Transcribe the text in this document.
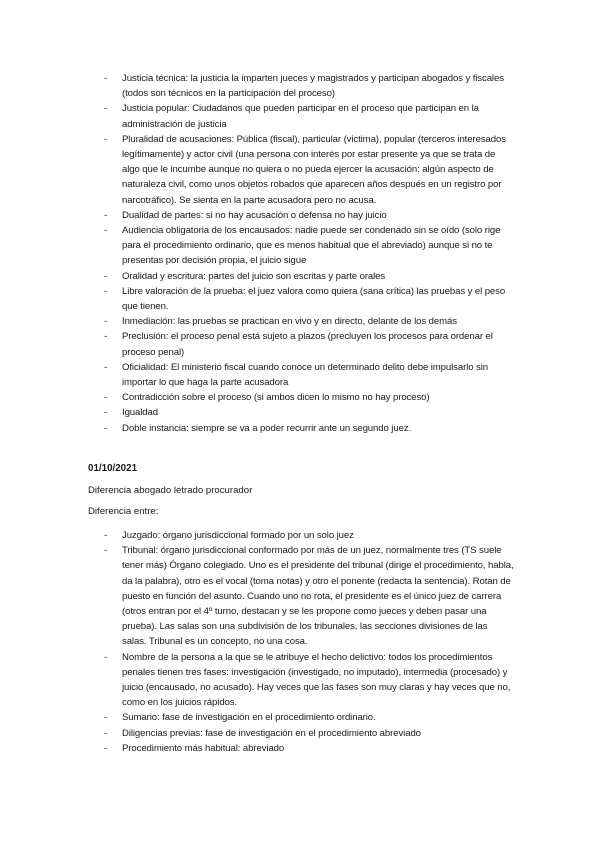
- Justicia técnica: la justicia la imparten jueces y magistrados y participan abogados y fiscales (todos son técnicos en la participación del proceso)
- Justicia popular: Ciudadanos que pueden participar en el proceso que participan en la administración de justicia
- Pluralidad de acusaciones: Pública (fiscal), particular (victima), popular (terceros interesados legítimamente) y actor civil (una persona con interés por estar presente ya que se trata de algo que le incumbe aunque no quiera o no pueda ejercer la acusación: algún aspecto de naturaleza civil, como unos objetos robados que aparecen años después en un registro por narcotráfico). Se sienta en la parte acusadora pero no acusa.
- Dualidad de partes: si no hay acusación o defensa no hay juicio
- Audiencia obligatoria de los encausados: nadie puede ser condenado sin se oído (solo rige para el procedimiento ordinario, que es menos habitual que el abreviado) aunque si no te presentas por decisión propia, el juicio sigue
- Oralidad y escritura: partes del juicio son escritas y parte orales
- Libre valoración de la prueba: el juez valora como quiera (sana crítica) las pruebas y el peso que tienen.
- Inmediación: las pruebas se practican en vivo y en directo, delante de los demás
- Preclusión: el proceso penal está sujeto a plazos (precluyen los procesos para ordenar el proceso penal)
- Oficialidad: El ministerio fiscal cuando conoce un determinado delito debe impulsarlo sin importar lo que haga la parte acusadora
- Contradicción sobre el proceso (si ambos dicen lo mismo no hay proceso)
- Igualdad
- Doble instancia: siempre se va a poder recurrir ante un segundo juez.
01/10/2021
Diferencia abogado letrado procurador
Diferencia entre:
- Juzgado: órgano jurisdiccional formado por un solo juez
- Tribunal: órgano jurisdiccional conformado por más de un juez, normalmente tres (TS suele tener más) Órgano colegiado. Uno es el presidente del tribunal (dirige el procedimiento, habla, da la palabra), otro es el vocal (toma notas) y otro el ponente (redacta la sentencia). Rotan de puesto en función del asunto. Cuando uno no rota, el presidente es el único juez de carrera (otros entran por el 4º turno, destacan y se les propone como jueces y deben pasar una prueba). Las salas son una subdivisión de los tribunales, las secciones divisiones de las salas. Tribunal es un concepto, no una cosa.
- Nombre de la persona a la que se le atribuye el hecho delictivo: todos los procedimientos penales tienen tres fases: investigación (investigado, no imputado), intermedia (procesado) y juicio (encausado, no acusado). Hay veces que las fases son muy claras y hay veces que no, como en los juicios rápidos.
- Sumario: fase de investigación en el procedimiento ordinario.
- Diligencias previas: fase de investigación en el procedimiento abreviado
- Procedimiento más habitual: abreviado
